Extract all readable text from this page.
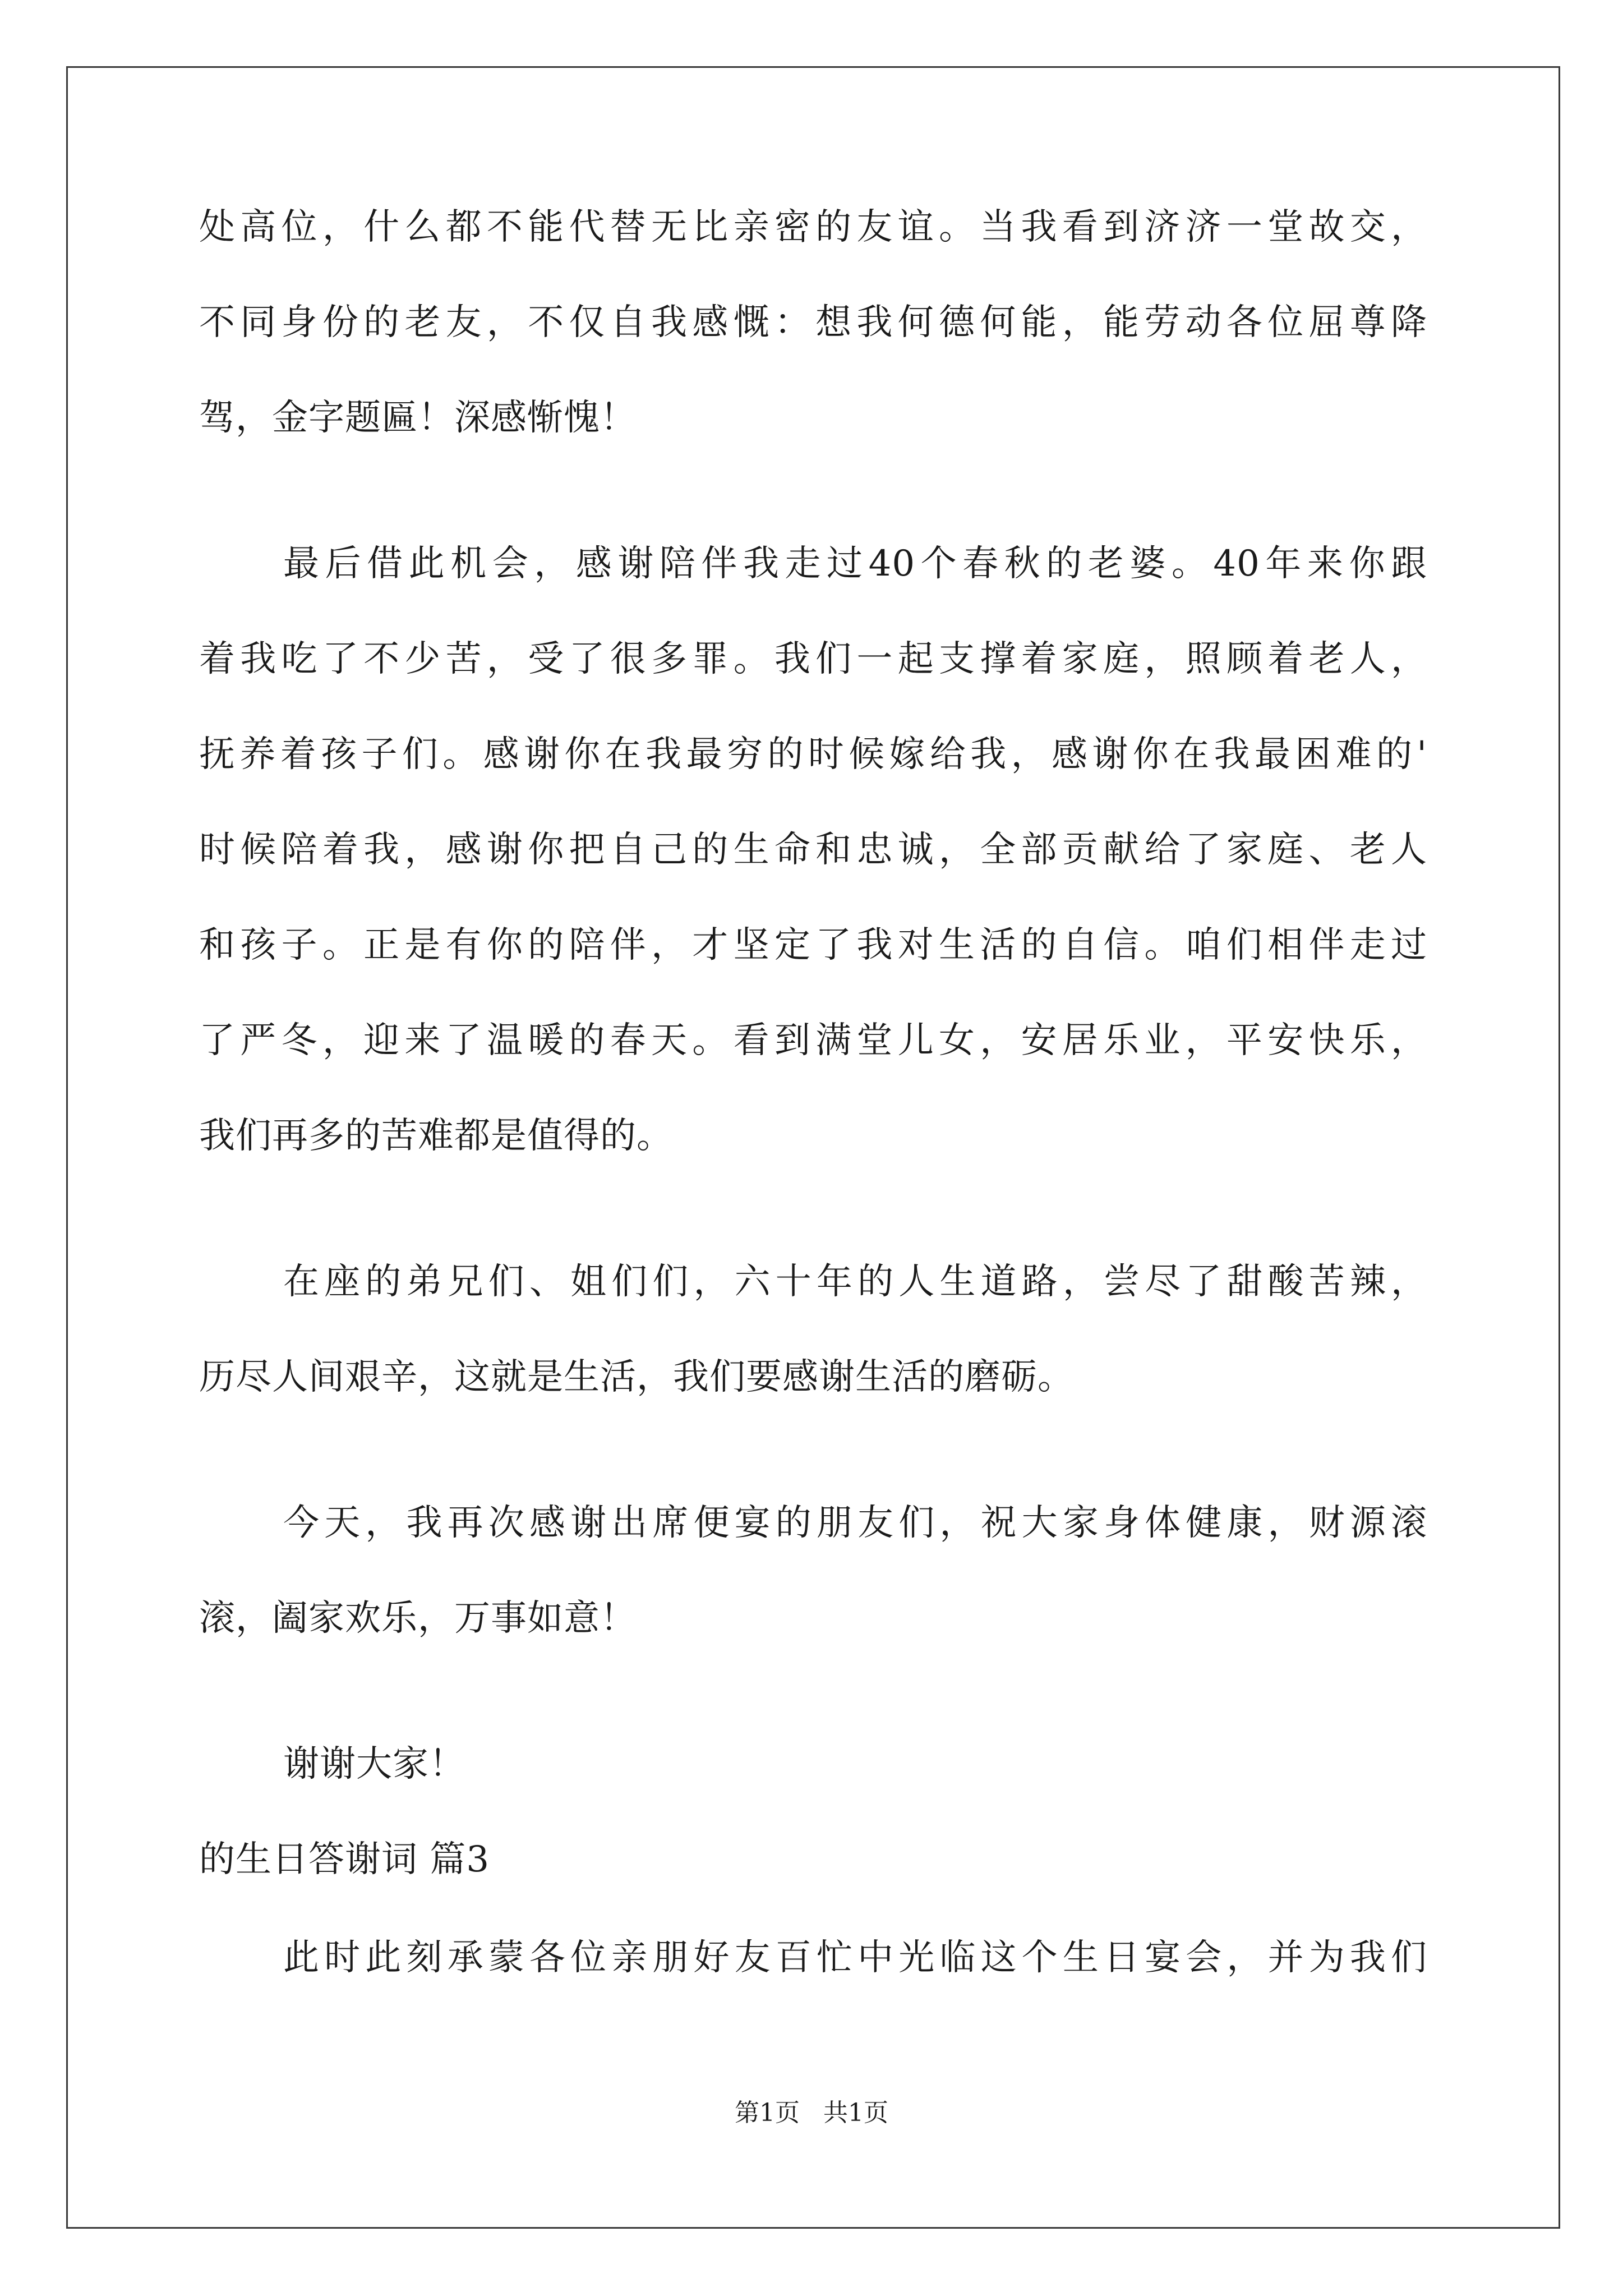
处高位，什么都不能代替无比亲密的友谊。当我看到济济一堂故交，
不同身份的老友，不仅自我感慨：想我何德何能，能劳动各位屈尊降
驾，金字题匾！深感惭愧！
最后借此机会，感谢陪伴我走过40个春秋的老婆。40年来你跟
着我吃了不少苦，受了很多罪。我们一起支撑着家庭，照顾着老人，
抚养着孩子们。感谢你在我最穷的时候嫁给我，感谢你在我最困难的'
时候陪着我，感谢你把自己的生命和忠诚，全部贡献给了家庭、老人
和孩子。正是有你的陪伴，才坚定了我对生活的自信。咱们相伴走过
了严冬，迎来了温暖的春天。看到满堂儿女，安居乐业，平安快乐，
我们再多的苦难都是值得的。
在座的弟兄们、姐们们，六十年的人生道路，尝尽了甜酸苦辣，
历尽人间艰辛，这就是生活，我们要感谢生活的磨砺。
今天，我再次感谢出席便宴的朋友们，祝大家身体健康，财源滚
滚，阖家欢乐，万事如意！
谢谢大家！
的生日答谢词 篇3
此时此刻承蒙各位亲朋好友百忙中光临这个生日宴会，并为我们
第1页   共1页
